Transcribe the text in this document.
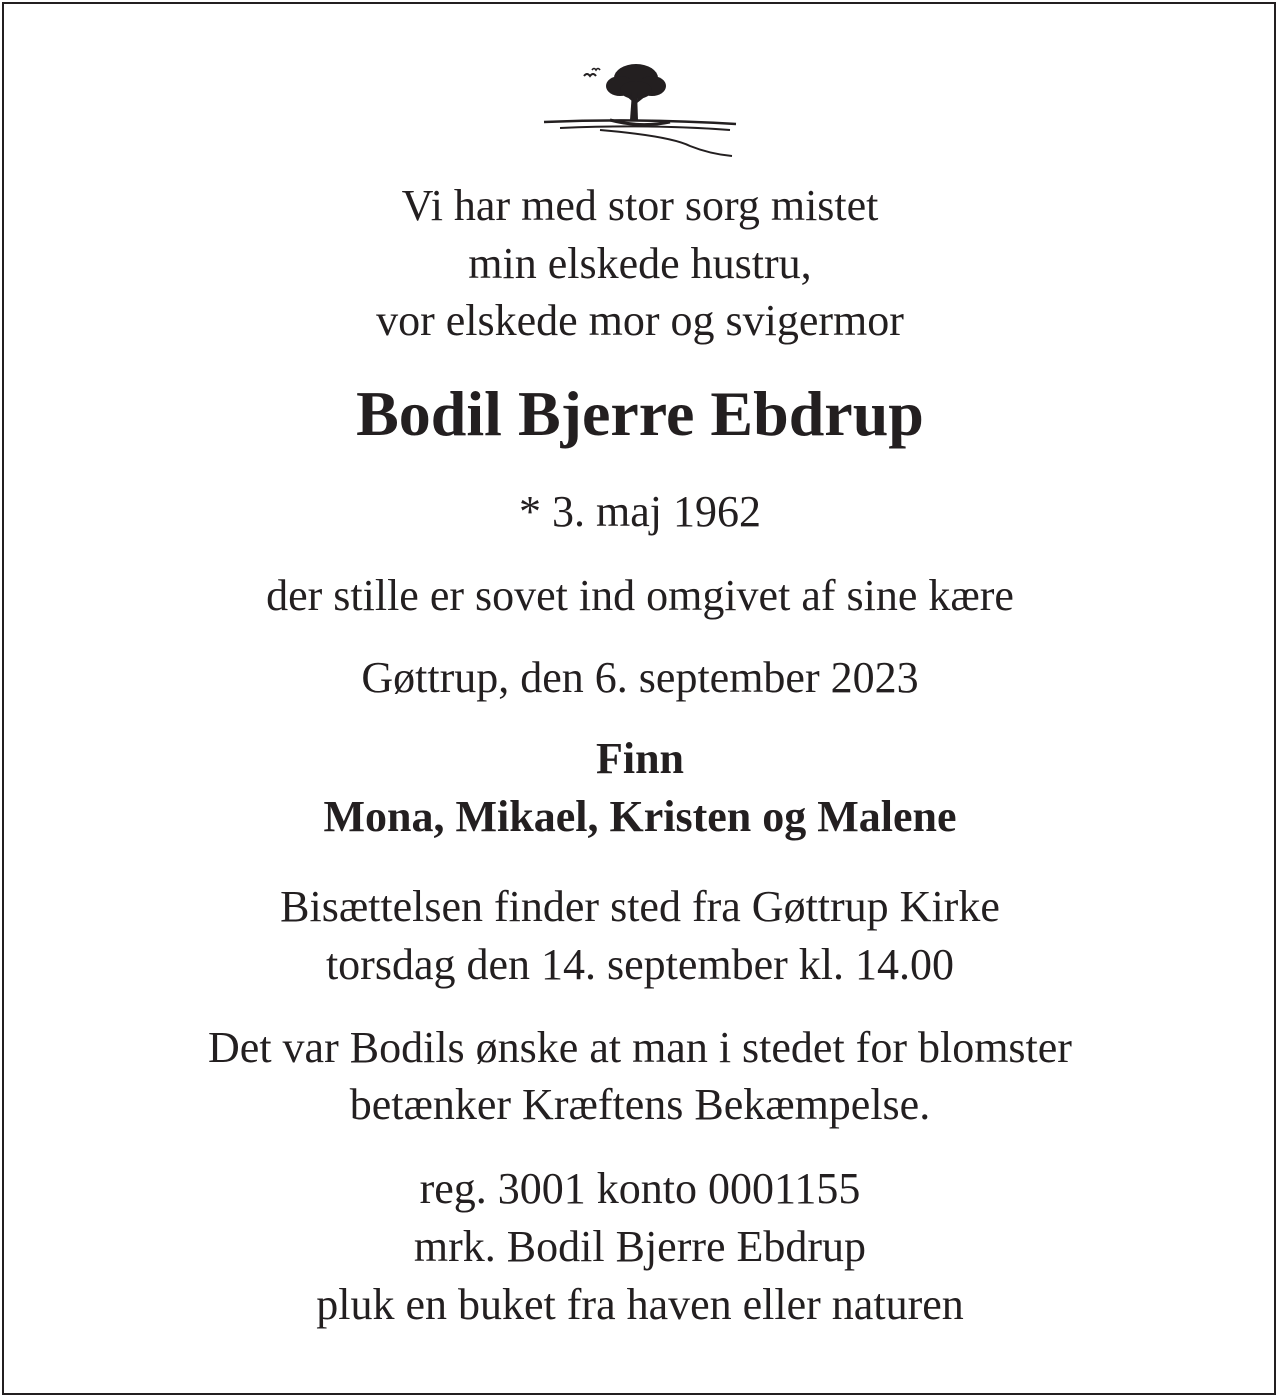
Vi har med stor sorg mistet

min elskede hustru,

vor elskede mor og svigermor

Bodil Bjerre Ebdrup

* 3. maj 1962

der stille er sovet ind omgivet af sine kære

Gøttrup, den 6. september 2023

Finn

Mona, Mikael, Kristen og Malene

Bisættelsen finder sted fra Gøttrup Kirke

torsdag den 14. september kl. 14.00

Det var Bodils ønske at man i stedet for blomster

betænker Kræftens Bekæmpelse.

reg. 3001 konto 0001155

mrk. Bodil Bjerre Ebdrup

pluk en buket fra haven eller naturen
